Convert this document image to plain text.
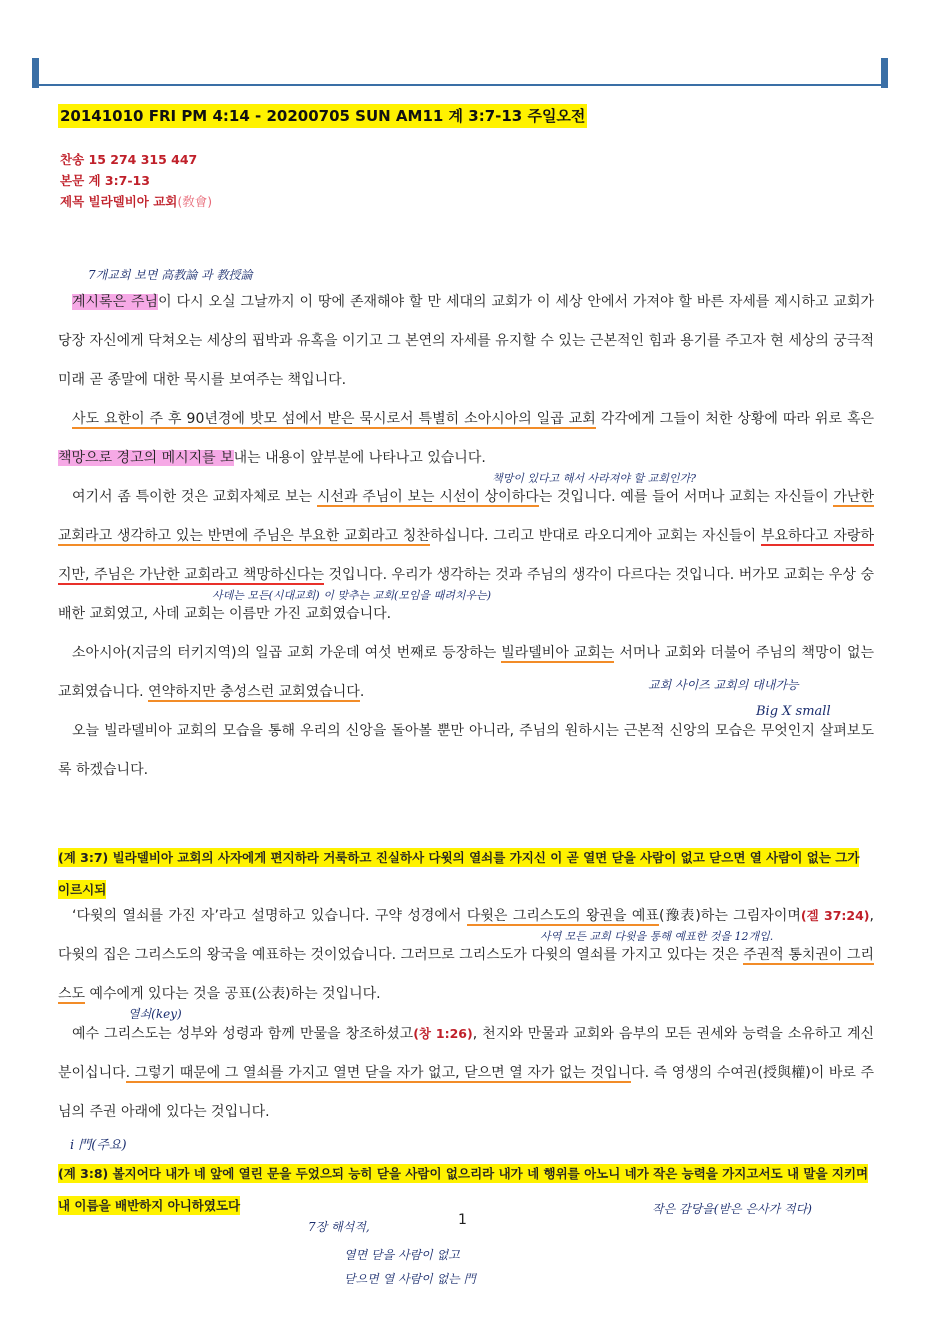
20141010 FRI PM 4:14 - 20200705 SUN AM11 계 3:7-13 주일오전
찬송 15 274 315 447
본문 계 3:7-13
제목 빌라델비아 교회(敎會)
7개교회 보면 高教論 과 教授論

계시록은 주님이 다시 오실 그날까지 이 땅에 존재해야 할 만 세대의 교회가 이 세상 안에서 가져야 할 바른 자세를 제시하고 교회가 당장 자신에게 닥쳐오는 세상의 핍박과 유혹을 이기고 그 본연의 자세를 유지할 수 있는 근본적인 힘과 용기를 주고자 현 세상의 궁극적 미래 곧 종말에 대한 묵시를 보여주는 책입니다.

사도 요한이 주 후 90년경에 밧모 섬에서 받은 묵시로서 특별히 소아시아의 일곱 교회 각각에게 그들이 처한 상황에 따라 위로 혹은 책망으로 경고의 메시지를 보내는 내용이 앞부분에 나타나고 있습니다.

여기서 좀 특이한 것은 교회자체로 보는 시선과 주님이 보는 시선이 상이하다는 것입니다. 예를 들어 서머나 교회는 자신들이 가난한 교회라고 생각하고 있는 반면에 주님은 부요한 교회라고 칭찬하십니다. 그리고 반대로 라오디게아 교회는 자신들이 부요하다고 자랑하지만, 주님은 가난한 교회라고 책망하신다는 것입니다. 우리가 생각하는 것과 주님의 생각이 다르다는 것입니다. 버가모 교회는 우상 숭배한 교회였고, 사데 교회는 이름만 가진 교회였습니다.

소아시아(지금의 터키지역)의 일곱 교회 가운데 여섯 번째로 등장하는 빌라델비아 교회는 서머나 교회와 더불어 주님의 책망이 없는 교회였습니다. 연약하지만 충성스런 교회였습니다.

오늘 빌라델비아 교회의 모습을 통해 우리의 신앙을 돌아볼 뿐만 아니라, 주님의 원하시는 근본적 신앙의 모습은 무엇인지 살펴보도록 하겠습니다.

책망이 있다고 해서 사라져야 할 교회인가?
사데는 모든(시대교회) 이 맞추는 교회(모임을 때려치우는)
교회 사이즈 교회의 대내가능
Big X small
(계 3:7) 빌라델비아 교회의 사자에게 편지하라 거룩하고 진실하사 다윗의 열쇠를 가지신 이 곧 열면 닫을 사람이 없고 닫으면 열 사람이 없는 그가 이르시되

‘다윗의 열쇠를 가진 자’라고 설명하고 있습니다. 구약 성경에서 다윗은 그리스도의 왕권을 예표(豫表)하는 그림자이며(겔 37:24), 다윗의 집은 그리스도의 왕국을 예표하는 것이었습니다. 그러므로 그리스도가 다윗의 열쇠를 가지고 있다는 것은 주권적 통치권이 그리스도 예수에게 있다는 것을 공표(公表)하는 것입니다.

예수 그리스도는 성부와 성령과 함께 만물을 창조하셨고(창 1:26), 천지와 만물과 교회와 음부의 모든 권세와 능력을 소유하고 계신 분이십니다. 그렇기 때문에 그 열쇠를 가지고 열면 닫을 자가 없고, 닫으면 열 자가 없는 것입니다. 즉 영생의 수여권(授與權)이 바로 주님의 주권 아래에 있다는 것입니다.

사역 모든 교회 다윗을 통해 예표한 것을 12개입.
열쇠(key)
ⅰ 門(주요)
(계 3:8) 볼지어다 내가 네 앞에 열린 문을 두었으되 능히 닫을 사람이 없으리라 내가 네 행위를 아노니 네가 작은 능력을 가지고서도 내 말을 지키며 내 이름을 배반하지 아니하였도다	작은 감당을(받은 은사가 적다)
1
7장 해석적,
열면 닫을 사람이 없고
닫으면 열 사람이 없는 門
